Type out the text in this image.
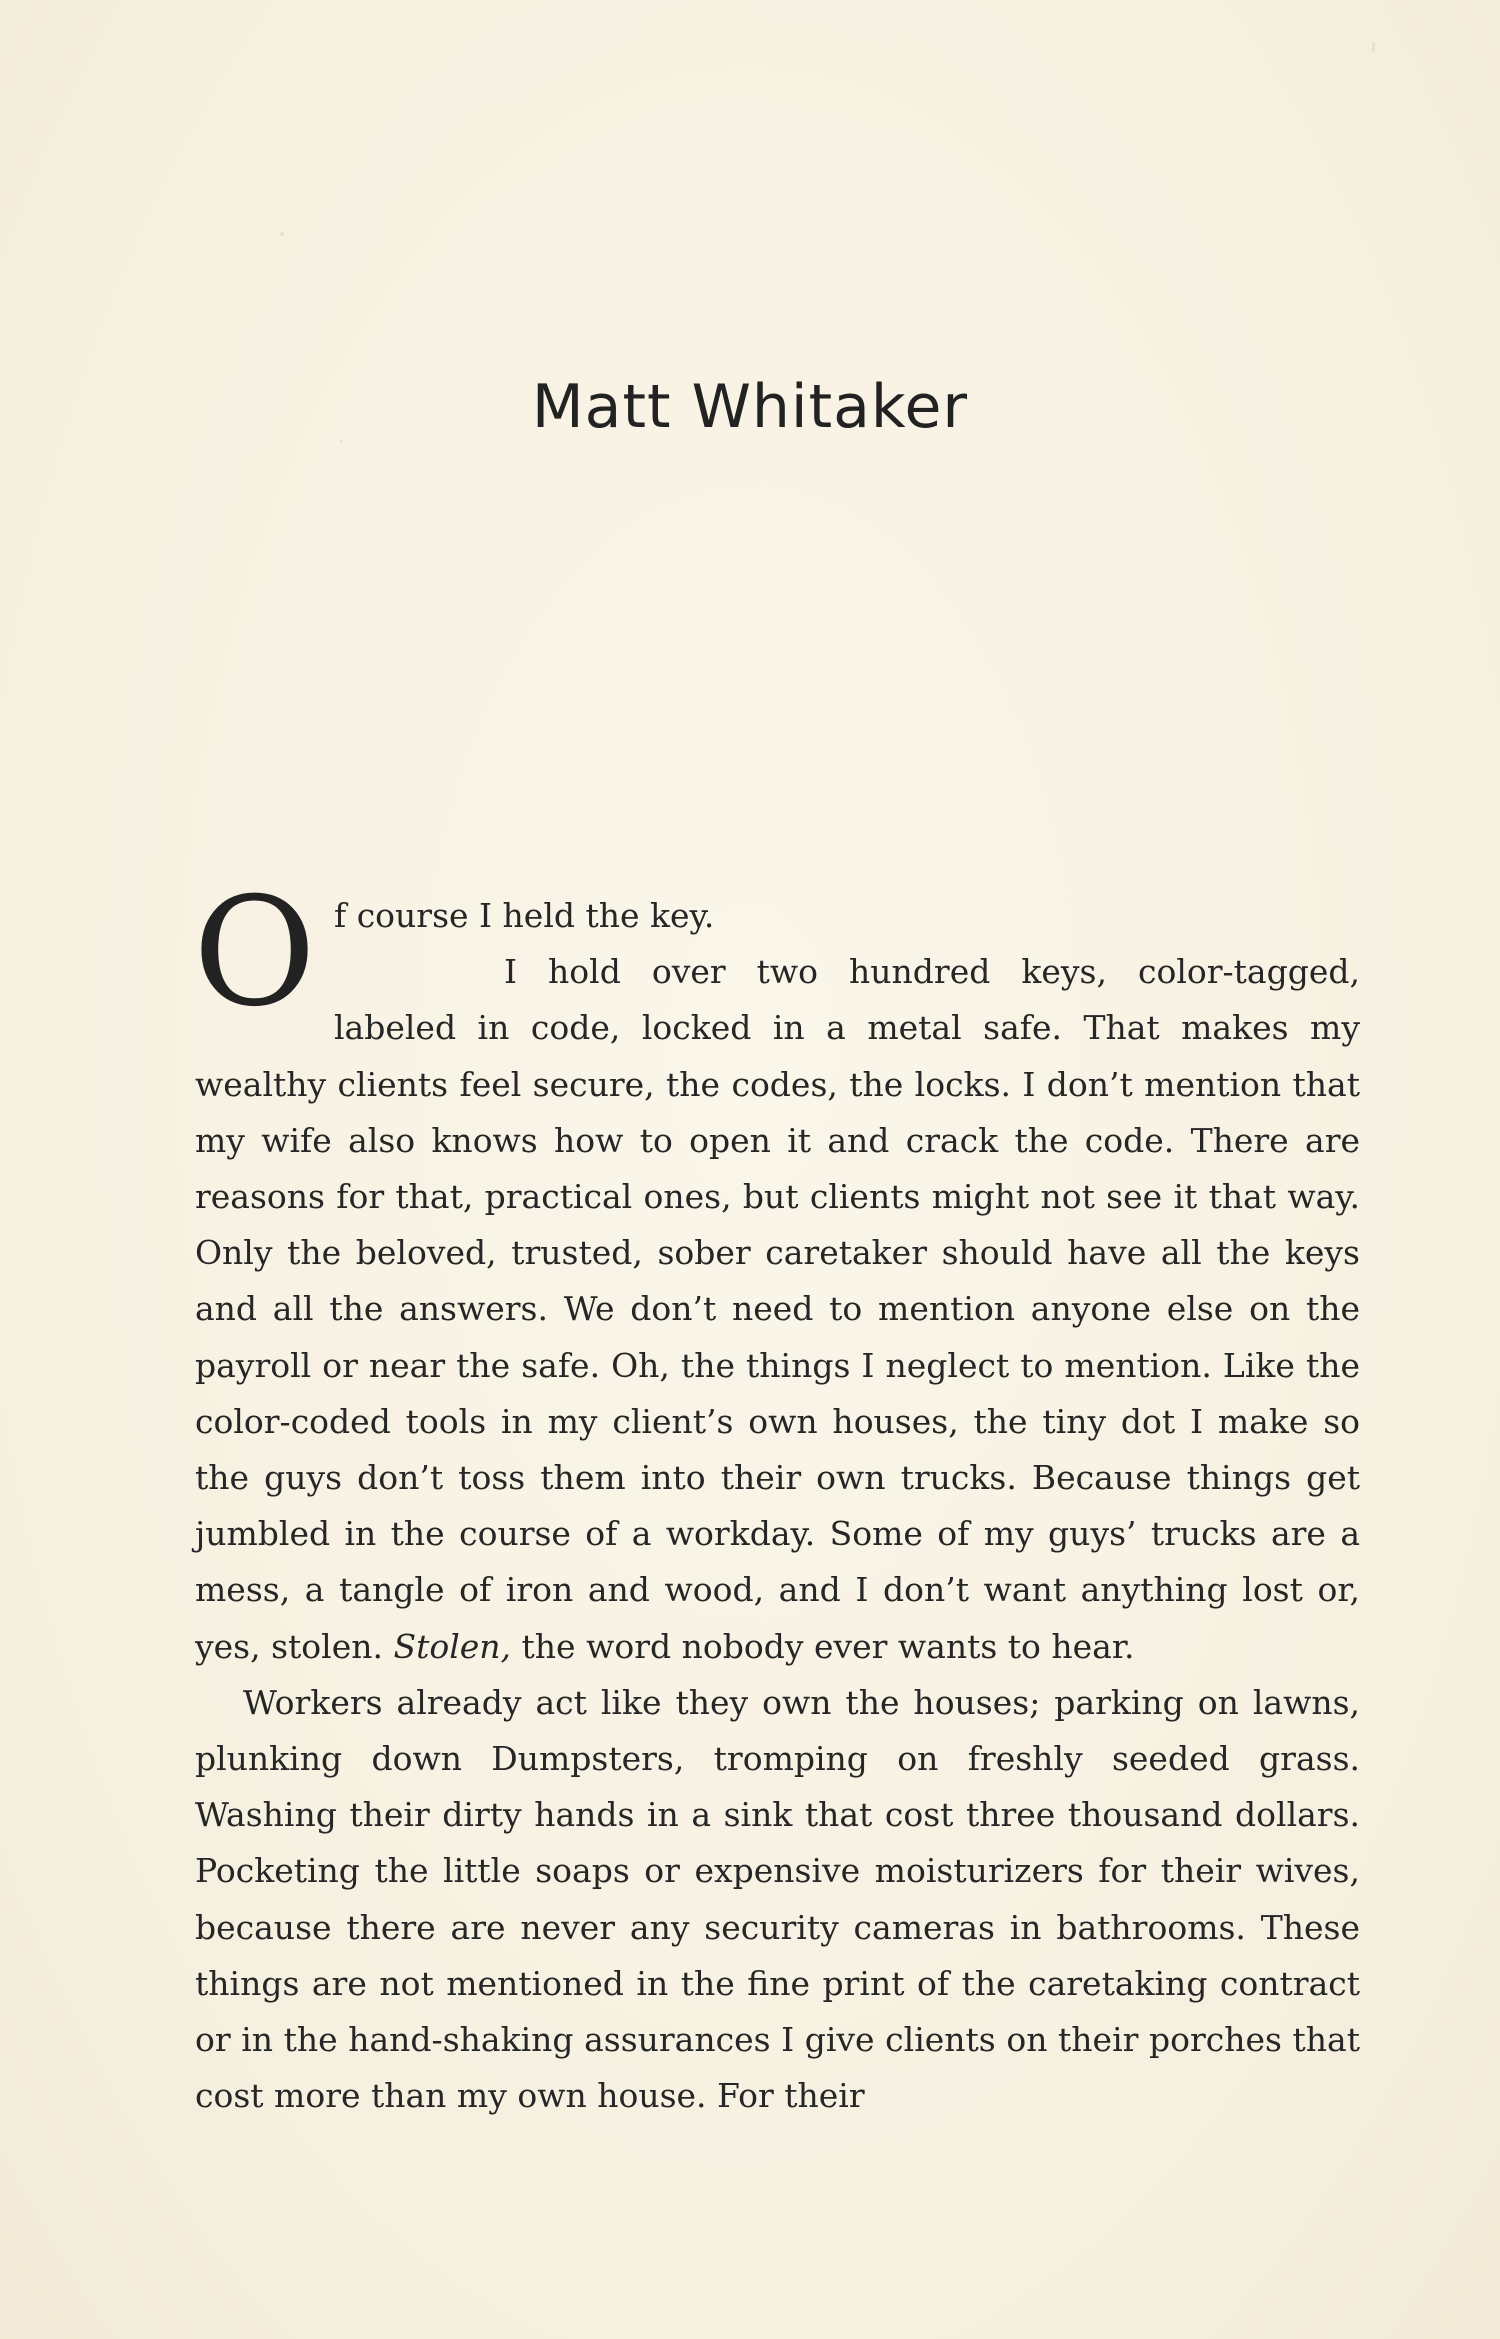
Matt Whitaker
O f course I held the key.

I hold over two hundred keys, color-tagged, labeled in code, locked in a metal safe. That makes my wealthy clients feel secure, the codes, the locks. I don’t mention that my wife also knows how to open it and crack the code. There are reasons for that, practical ones, but clients might not see it that way. Only the beloved, trusted, sober caretaker should have all the keys and all the answers. We don’t need to mention anyone else on the payroll or near the safe. Oh, the things I neglect to mention. Like the color-coded tools in my client’s own houses, the tiny dot I make so the guys don’t toss them into their own trucks. Because things get jumbled in the course of a workday. Some of my guys’ trucks are a mess, a tangle of iron and wood, and I don’t want anything lost or, yes, stolen. Stolen, the word nobody ever wants to hear.

Workers already act like they own the houses; parking on lawns, plunking down Dumpsters, tromping on freshly seeded grass. Washing their dirty hands in a sink that cost three thousand dollars. Pocketing the little soaps or expensive moisturizers for their wives, because there are never any security cameras in bathrooms. These things are not mentioned in the fine print of the caretaking contract or in the hand-shaking assurances I give clients on their porches that cost more than my own house. For their
